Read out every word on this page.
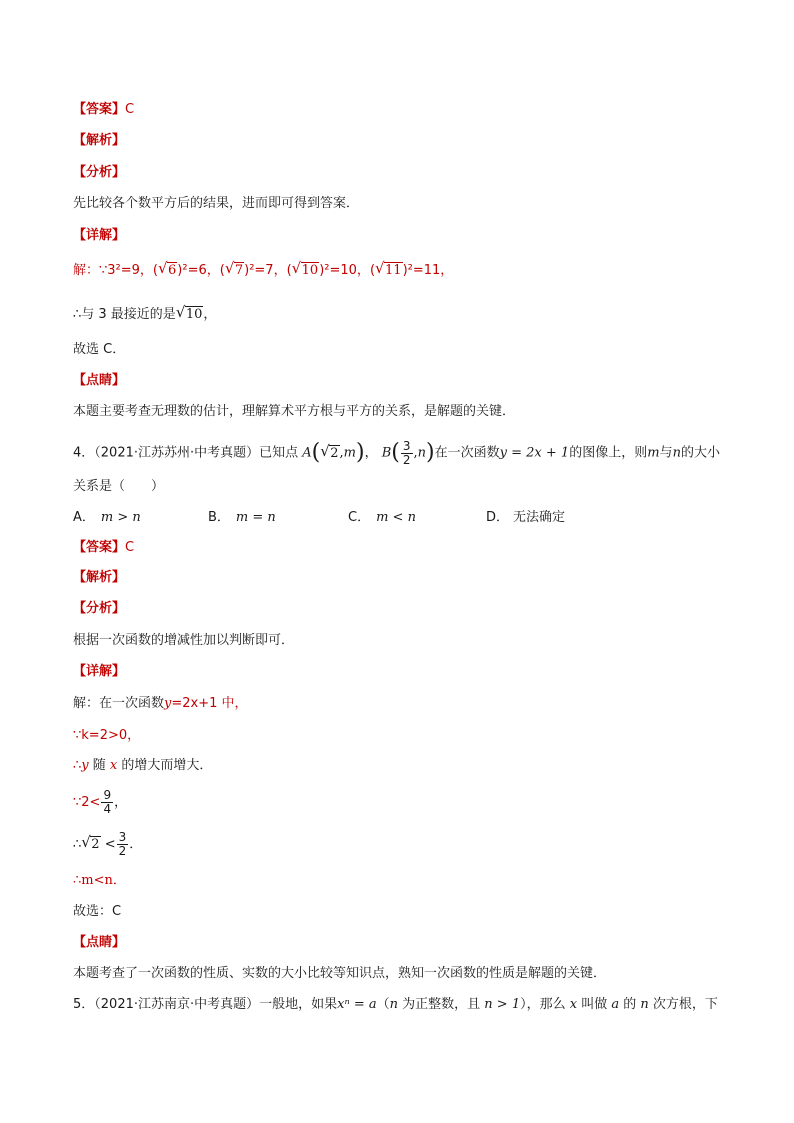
【答案】C
【解析】
【分析】
先比较各个数平方后的结果，进而即可得到答案．
【详解】
解：∵3²=9，( √ 6)²=6，( √ 7)²=7，( √ 10)²=10，( √ 11)²=11，
∴与 3 最接近的是 √ 10，
故选 C．
【点睛】
本题主要考查无理数的估计，理解算术平方根与平方的关系，是解题的关键．
4．（2021·江苏苏州·中考真题）已知点 A( √ 2,m)， $B( \frac{3}{2} ,n)$在一次函数y = 2x + 1的图像上，则m与n的大小
关系是（　　）
A． m > n	B． m = n	C． m < n	D． 无法确定
【答案】C
【解析】
【分析】
根据一次函数的增减性加以判断即可．
【详解】
解：在一次函数y=2x+1 中，
∵k=2>0，
∴y 随 x 的增大而增大．
∵2< $\frac{9}{4}$ ，
∴ √ $2 < \frac{3}{2}$ ．
∴m<n．
故选：C
【点睛】
本题考查了一次函数的性质、实数的大小比较等知识点，熟知一次函数的性质是解题的关键．
5．（2021·江苏南京·中考真题）一般地，如果xⁿ = a（n 为正整数，且 n > 1），那么 x 叫做 a 的 n 次方根，下
